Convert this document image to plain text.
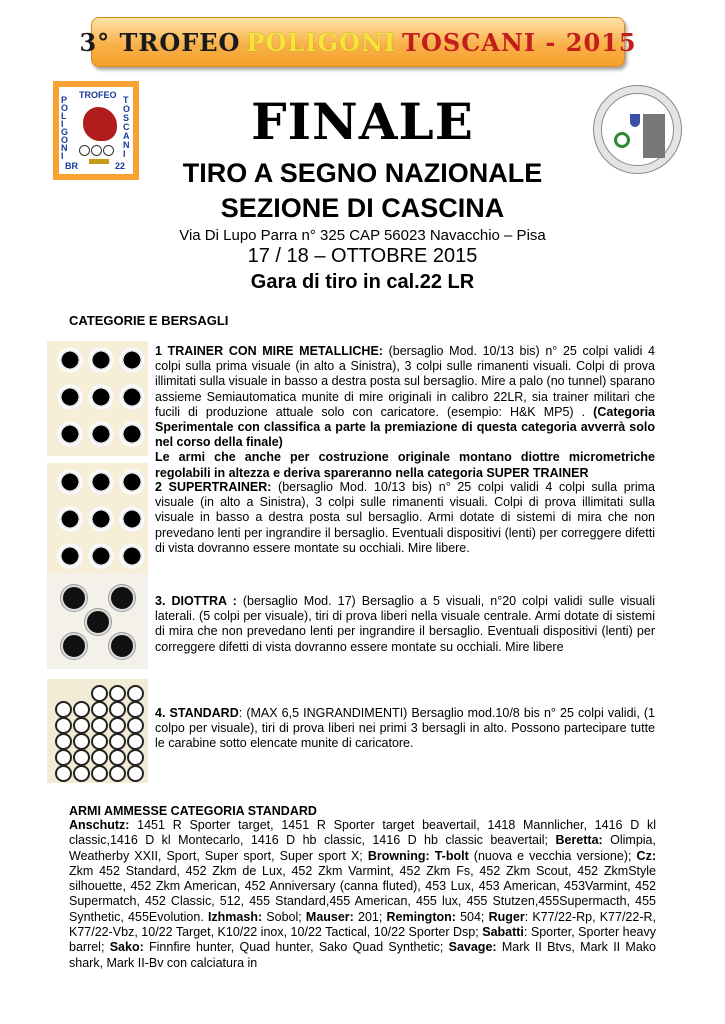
3° TROFEO POLIGONI TOSCANI - 2015
TROFEO
P
O
L
I
G
O
N
I
T
O
S
C
A
N
I
BR	22
FINALE
TIRO A SEGNO NAZIONALE
SEZIONE DI CASCINA
Via Di Lupo Parra n° 325 CAP 56023 Navacchio – Pisa
17 / 18 – OTTOBRE 2015
Gara di tiro in cal.22 LR
CATEGORIE E BERSAGLI
1 TRAINER CON MIRE METALLICHE: (bersaglio Mod. 10/13 bis) n° 25 colpi validi 4 colpi sulla prima visuale (in alto a Sinistra), 3 colpi sulle rimanenti visuali. Colpi di prova illimitati sulla visuale in basso a destra posta sul bersaglio. Mire a palo (no tunnel) sparano assieme Semiautomatica munite di mire originali in calibro 22LR, sia trainer militari che fucili di produzione attuale solo con caricatore. (esempio: H&K MP5) . (Categoria Sperimentale con classifica a parte la premiazione di questa categoria avverrà solo nel corso della finale)
Le armi che anche per costruzione originale montano diottre micrometriche regolabili in altezza e deriva spareranno nella categoria SUPER TRAINER
2 SUPERTRAINER: (bersaglio Mod. 10/13 bis) n° 25 colpi validi 4 colpi sulla prima visuale (in alto a Sinistra), 3 colpi sulle rimanenti visuali. Colpi di prova illimitati sulla visuale in basso a destra posta sul bersaglio. Armi dotate di sistemi di mira che non prevedano lenti per ingrandire il bersaglio. Eventuali dispositivi (lenti) per correggere difetti di vista dovranno essere montate su occhiali. Mire libere.
3. DIOTTRA : (bersaglio Mod. 17) Bersaglio a 5 visuali, n°20 colpi validi sulle visuali laterali. (5 colpi per visuale), tiri di prova liberi nella visuale centrale. Armi dotate di sistemi di mira che non prevedano lenti per ingrandire il bersaglio. Eventuali dispositivi (lenti) per correggere difetti di vista dovranno essere montate su occhiali. Mire libere
4. STANDARD: (MAX 6,5 INGRANDIMENTI) Bersaglio mod.10/8 bis n° 25 colpi validi, (1 colpo per visuale), tiri di prova liberi nei primi 3 bersagli in alto. Possono partecipare tutte le carabine sotto elencate munite di caricatore.
ARMI AMMESSE CATEGORIA STANDARD
Anschutz: 1451 R Sporter target, 1451 R Sporter target beavertail, 1418 Mannlicher, 1416 D kl classic,1416 D kl Montecarlo, 1416 D hb classic, 1416 D hb classic beavertail; Beretta: Olimpia, Weatherby XXII, Sport, Super sport, Super sport X; Browning: T-bolt (nuova e vecchia versione); Cz: Zkm 452 Standard, 452 Zkm de Lux, 452 Zkm Varmint, 452 Zkm Fs, 452 Zkm Scout, 452 ZkmStyle silhouette, 452 Zkm American, 452 Anniversary (canna fluted), 453 Lux, 453 American, 453Varmint, 452 Supermatch, 452 Classic, 512, 455 Standard,455 American, 455 lux, 455 Stutzen,455Supermacth, 455 Synthetic, 455Evolution. Izhmash: Sobol; Mauser: 201; Remington: 504; Ruger: K77/22-Rp, K77/22-R, K77/22-Vbz, 10/22 Target, K10/22 inox, 10/22 Tactical, 10/22 Sporter Dsp; Sabatti: Sporter, Sporter heavy barrel; Sako: Finnfire hunter, Quad hunter, Sako Quad Synthetic; Savage: Mark II Btvs, Mark II Mako shark, Mark II-Bv con calciatura in
